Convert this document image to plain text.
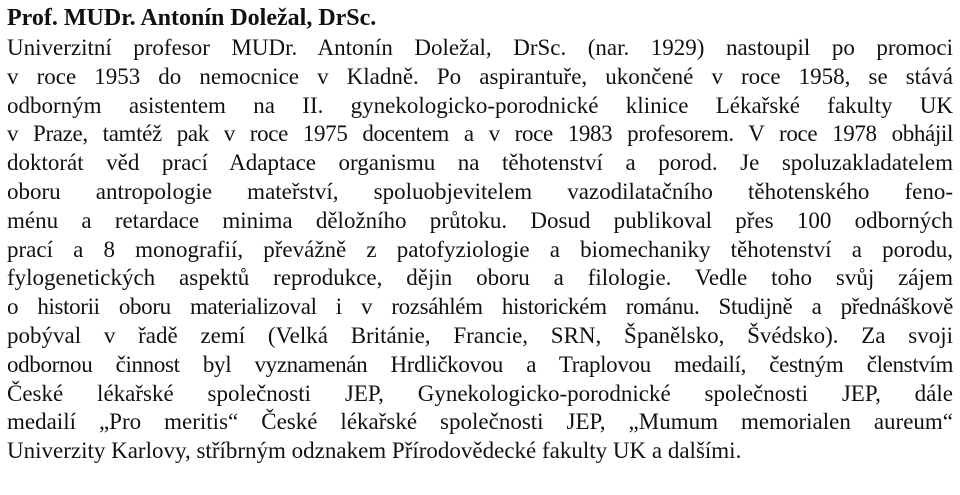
Prof. MUDr. Antonín Doležal, DrSc.
Univerzitní profesor MUDr. Antonín Doležal, DrSc. (nar. 1929) nastoupil po promoci
v roce 1953 do nemocnice v Kladně. Po aspirantuře, ukončené v roce 1958, se stává
odborným asistentem na II. gynekologicko-porodnické klinice Lékařské fakulty UK
v Praze, tamtéž pak v roce 1975 docentem a v roce 1983 profesorem. V roce 1978 obhájil
doktorát věd prací Adaptace organismu na těhotenství a porod. Je spoluzakladatelem
oboru antropologie mateřství, spoluobjevitelem vazodilatačního těhotenského feno-
ménu a retardace minima děložního průtoku. Dosud publikoval přes 100 odborných
prací a 8 monografií, převážně z patofyziologie a biomechaniky těhotenství a porodu,
fylogenetických aspektů reprodukce, dějin oboru a filologie. Vedle toho svůj zájem
o historii oboru materializoval i v rozsáhlém historickém románu. Studijně a přednáškově
pobýval v řadě zemí (Velká Británie, Francie, SRN, Španělsko, Švédsko). Za svoji
odbornou činnost byl vyznamenán Hrdličkovou a Traplovou medailí, čestným členstvím
České lékařské společnosti JEP, Gynekologicko-porodnické společnosti JEP, dále
medailí „Pro meritis“ České lékařské společnosti JEP, „Mumum memorialen aureum“
Univerzity Karlovy, stříbrným odznakem Přírodovědecké fakulty UK a dalšími.
